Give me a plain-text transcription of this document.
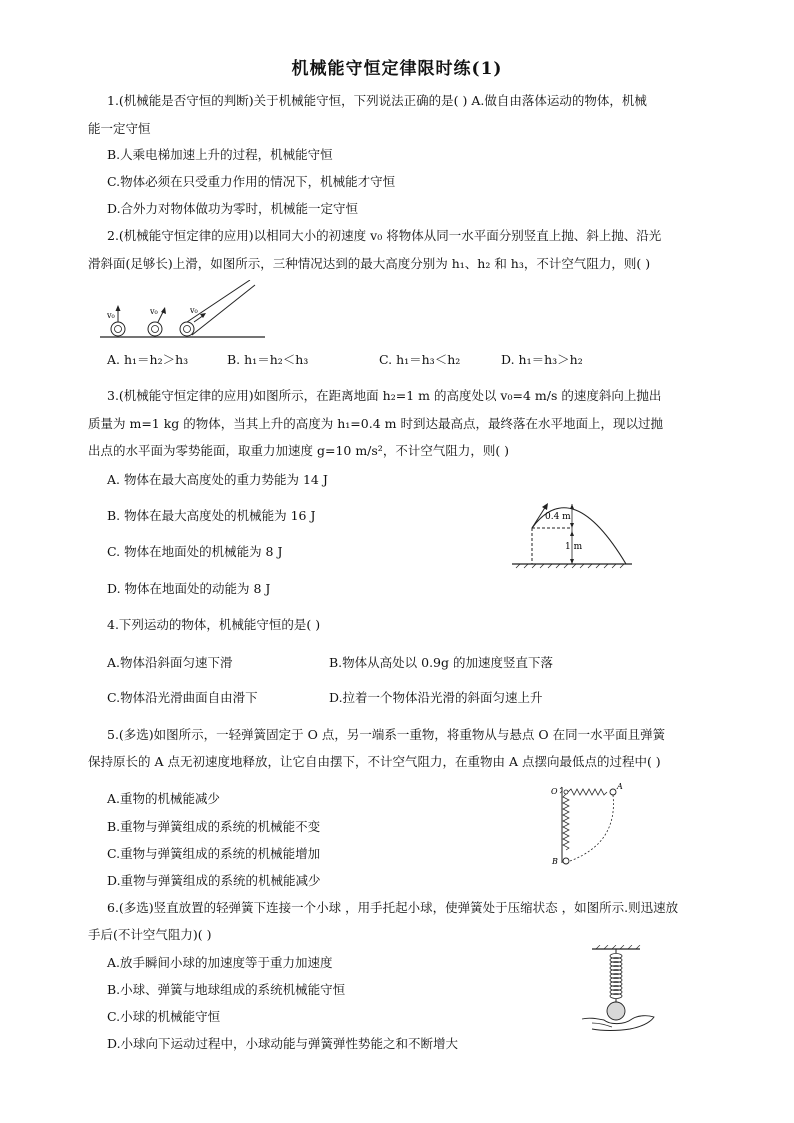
机械能守恒定律限时练(1)
1.(机械能是否守恒的判断)关于机械能守恒，下列说法正确的是( ) A.做自由落体运动的物体，机械
能一定守恒
B.人乘电梯加速上升的过程，机械能守恒
C.物体必须在只受重力作用的情况下，机械能才守恒
D.合外力对物体做功为零时，机械能一定守恒
2.(机械能守恒定律的应用)以相同大小的初速度 v₀ 将物体从同一水平面分别竖直上抛、斜上抛、沿光
滑斜面(足够长)上滑，如图所示，三种情况达到的最大高度分别为 h₁、h₂ 和 h₃，不计空气阻力，则( )
v₀	v₀	v₀
A. h₁＝h₂＞h₃	B. h₁＝h₂＜h₃	C. h₁＝h₃＜h₂	D. h₁＝h₃＞h₂
3.(机械能守恒定律的应用)如图所示，在距离地面 h₂=1 m 的高度处以 v₀=4 m/s 的速度斜向上抛出
质量为 m=1 kg 的物体，当其上升的高度为 h₁=0.4 m 时到达最高点，最终落在水平地面上，现以过抛
出点的水平面为零势能面，取重力加速度 g=10 m/s²，不计空气阻力，则( )
A. 物体在最大高度处的重力势能为 14 J
B. 物体在最大高度处的机械能为 16 J
C. 物体在地面处的机械能为 8 J
D. 物体在地面处的动能为 8 J
0.4 m
1 m
4.下列运动的物体，机械能守恒的是( )
A.物体沿斜面匀速下滑	B.物体从高处以 0.9g 的加速度竖直下落
C.物体沿光滑曲面自由滑下	D.拉着一个物体沿光滑的斜面匀速上升
5.(多选)如图所示，一轻弹簧固定于 O 点，另一端系一重物，将重物从与悬点 O 在同一水平面且弹簧
保持原长的 A 点无初速度地释放，让它自由摆下，不计空气阻力，在重物由 A 点摆向最低点的过程中( )
A.重物的机械能减少
B.重物与弹簧组成的系统的机械能不变
C.重物与弹簧组成的系统的机械能增加
D.重物与弹簧组成的系统的机械能减少
O
A
B
6.(多选)竖直放置的轻弹簧下连接一个小球 ，用手托起小球，使弹簧处于压缩状态 ，如图所示.则迅速放
手后(不计空气阻力)( )
A.放手瞬间小球的加速度等于重力加速度
B.小球、弹簧与地球组成的系统机械能守恒
C.小球的机械能守恒
D.小球向下运动过程中，小球动能与弹簧弹性势能之和不断增大
